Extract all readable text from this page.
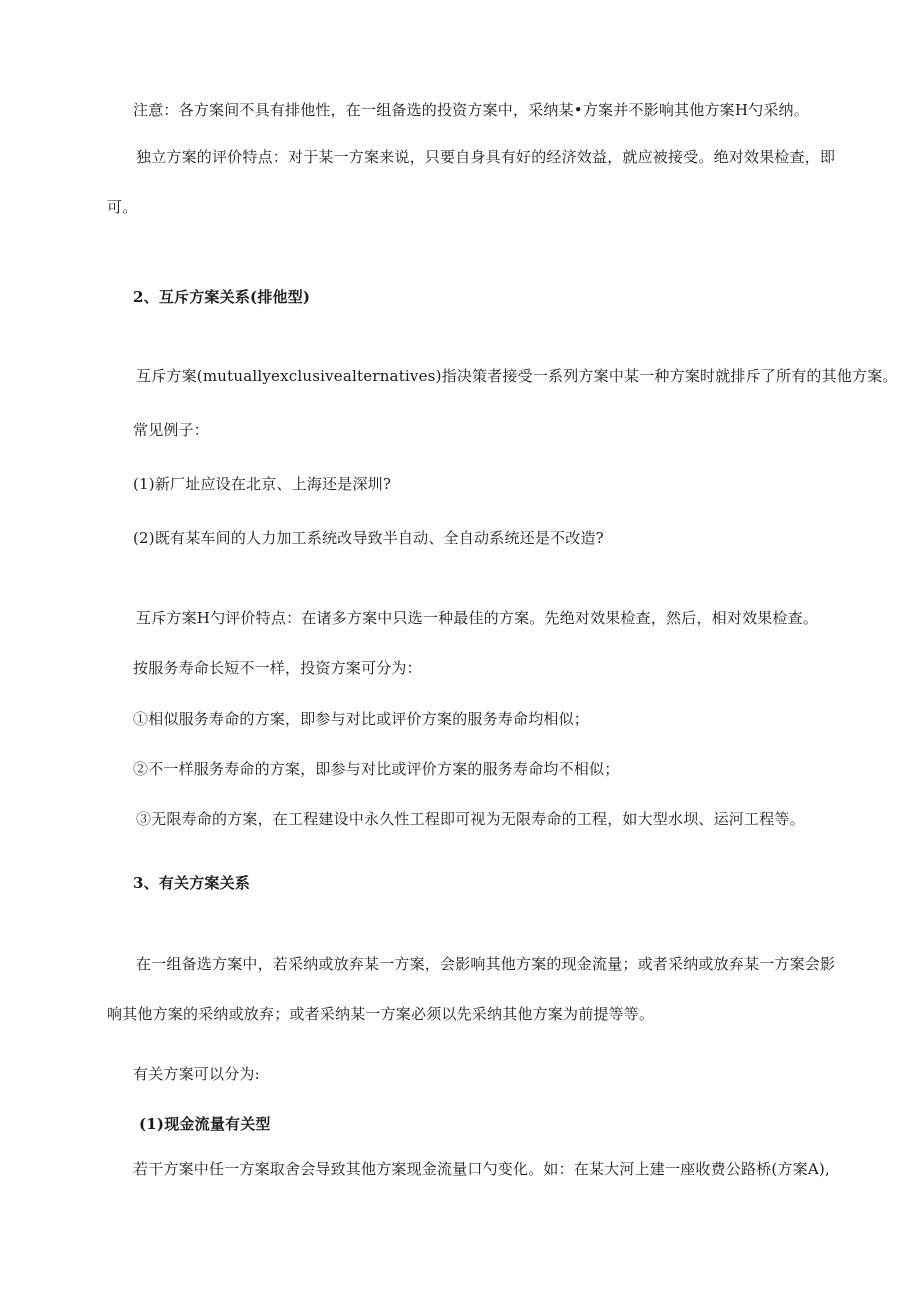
注意：各方案间不具有排他性，在一组备选的投资方案中，采纳某•方案并不影响其他方案H勺采纳。
独立方案的评价特点：对于某一方案来说，只要自身具有好的经济效益，就应被接受。绝对效果检查，即
可。
2、互斥方案关系(排他型)
互斥方案(mutuallyexclusivealternatives)指决策者接受一系列方案中某一种方案时就排斥了所有的其他方案。
常见例子：
(1)新厂址应设在北京、上海还是深圳?
(2)既有某车间的人力加工系统改导致半自动、全自动系统还是不改造?
互斥方案H勺评价特点：在诸多方案中只选一种最佳的方案。先绝对效果检查，然后，相对效果检查。
按服务寿命长短不一样，投资方案可分为：
①相似服务寿命的方案，即参与对比或评价方案的服务寿命均相似；
②不一样服务寿命的方案，即参与对比或评价方案的服务寿命均不相似；
③无限寿命的方案，在工程建设中永久性工程即可视为无限寿命的工程，如大型水坝、运河工程等。
3、有关方案关系
在一组备选方案中，若采纳或放弃某一方案，会影响其他方案的现金流量；或者采纳或放弃某一方案会影
响其他方案的采纳或放弃；或者采纳某一方案必须以先采纳其他方案为前提等等。
有关方案可以分为:
(1)现金流量有关型
若干方案中任一方案取舍会导致其他方案现金流量口勺变化。如：在某大河上建一座收费公路桥(方案A),
